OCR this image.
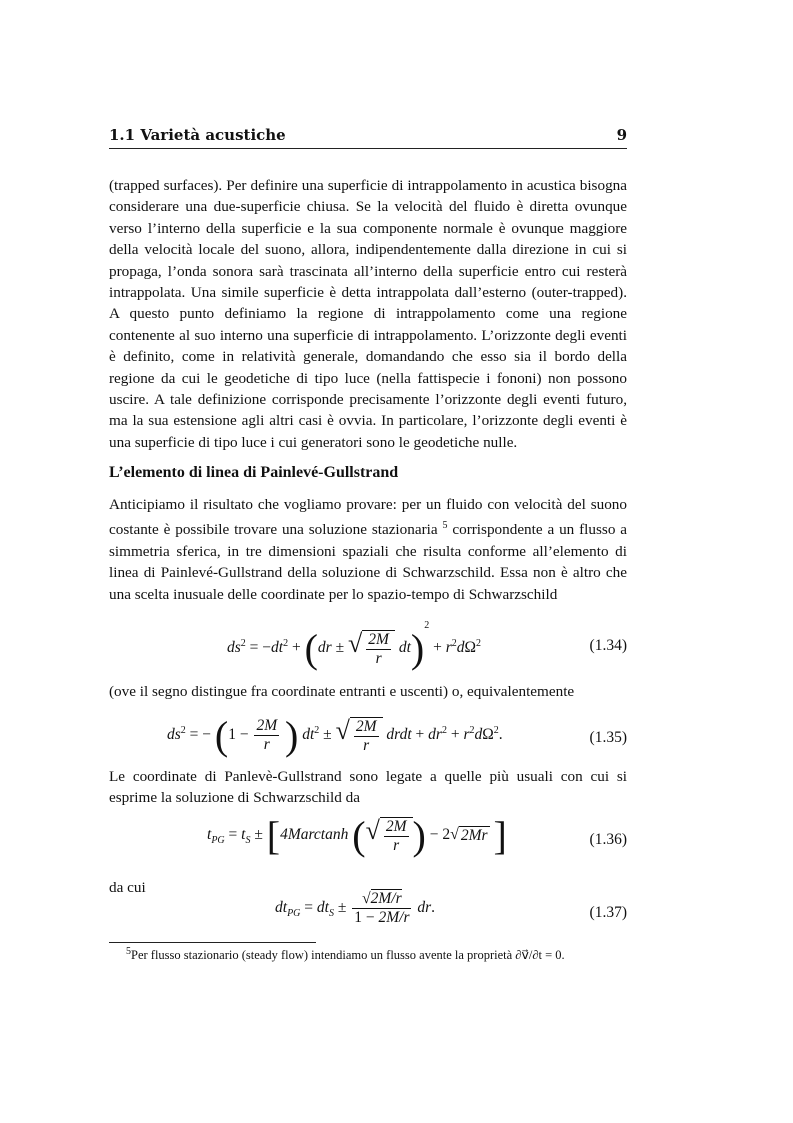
1.1 Varietà acustiche	9
(trapped surfaces). Per definire una superficie di intrappolamento in acustica bisogna considerare una due-superficie chiusa. Se la velocità del fluido è diretta ovunque verso l’interno della superficie e la sua componente normale è ovunque maggiore della velocità locale del suono, allora, indipendentemente dalla direzione in cui si propaga, l’onda sonora sarà trascinata all’interno della superficie entro cui resterà intrappolata. Una simile superficie è detta intrappolata dall’esterno (outer-trapped). A questo punto definiamo la regione di intrappolamento come una regione contenente al suo interno una superficie di intrappolamento. L’orizzonte degli eventi è definito, come in relatività generale, domandando che esso sia il bordo della regione da cui le geodetiche di tipo luce (nella fattispecie i fononi) non possono uscire. A tale definizione corrisponde precisamente l’orizzonte degli eventi futuro, ma la sua estensione agli altri casi è ovvia. In particolare, l’orizzonte degli eventi è una superficie di tipo luce i cui generatori sono le geodetiche nulle.
L’elemento di linea di Painlevé-Gullstrand
Anticipiamo il risultato che vogliamo provare: per un fluido con velocità del suono costante è possibile trovare una soluzione stazionaria $^5$ corrispondente a un flusso a simmetria sferica, in tre dimensioni spaziali che risulta conforme all’elemento di linea di Painlevé-Gullstrand della soluzione di Schwarzschild. Essa non è altro che una scelta inusuale delle coordinate per lo spazio-tempo di Schwarzschild
$ds^2 = -dt^2 + (dr$ ± √ $\frac{2M}{r} dt)^2 + r^2d\Omega^2$	(1.34)
(ove il segno distingue fra coordinate entranti e uscenti) o, equivalentemente
$ds^2$ = − ($1 - \frac{2M}{r}$ ) $dt^2$ ± √ $\frac{2M}{r}$ drdt + $dr^2 + r^2d\Omega^2$.	(1.35)
Le coordinate di Panlevè-Gullstrand sono legate a quelle più usuali con cui si esprime la soluzione di Schwarzschild da
$t_{PG} = t_S \pm [4Marctanh$ (√ $\frac{2M}{r}$ ) − 2√ 2Mr ]	(1.36)
da cui
$dt_{PG} = dt_S \pm \frac{√2M/r}{1 - 2M/r}$ dr.	(1.37)
$^5$Per flusso stazionario (steady flow) intendiamo un flusso avente la proprietà ∂v⃗/∂t = 0.
